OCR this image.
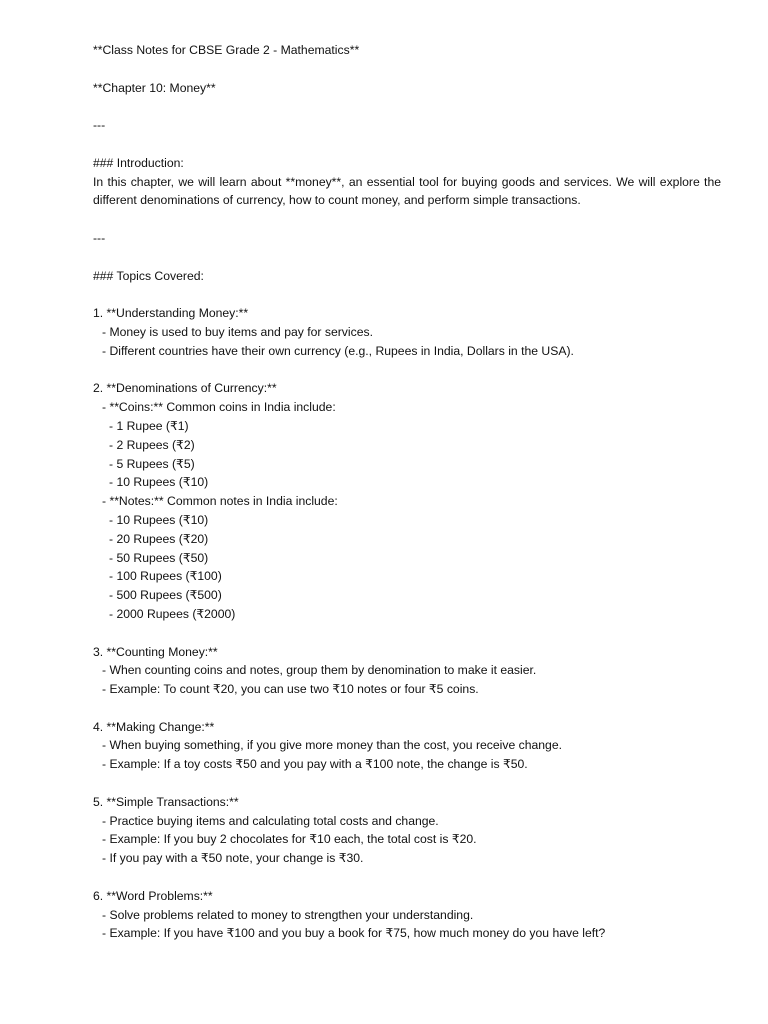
**Class Notes for CBSE Grade 2 - Mathematics**
**Chapter 10: Money**
---
### Introduction:
In this chapter, we will learn about **money**, an essential tool for buying goods and services. We will explore the different denominations of currency, how to count money, and perform simple transactions.
---
### Topics Covered:
1. **Understanding Money:**
- Money is used to buy items and pay for services.
- Different countries have their own currency (e.g., Rupees in India, Dollars in the USA).
2. **Denominations of Currency:**
- **Coins:** Common coins in India include:
- 1 Rupee (₹1)
- 2 Rupees (₹2)
- 5 Rupees (₹5)
- 10 Rupees (₹10)
- **Notes:** Common notes in India include:
- 10 Rupees (₹10)
- 20 Rupees (₹20)
- 50 Rupees (₹50)
- 100 Rupees (₹100)
- 500 Rupees (₹500)
- 2000 Rupees (₹2000)
3. **Counting Money:**
- When counting coins and notes, group them by denomination to make it easier.
- Example: To count ₹20, you can use two ₹10 notes or four ₹5 coins.
4. **Making Change:**
- When buying something, if you give more money than the cost, you receive change.
- Example: If a toy costs ₹50 and you pay with a ₹100 note, the change is ₹50.
5. **Simple Transactions:**
- Practice buying items and calculating total costs and change.
- Example: If you buy 2 chocolates for ₹10 each, the total cost is ₹20.
- If you pay with a ₹50 note, your change is ₹30.
6. **Word Problems:**
- Solve problems related to money to strengthen your understanding.
- Example: If you have ₹100 and you buy a book for ₹75, how much money do you have left?
